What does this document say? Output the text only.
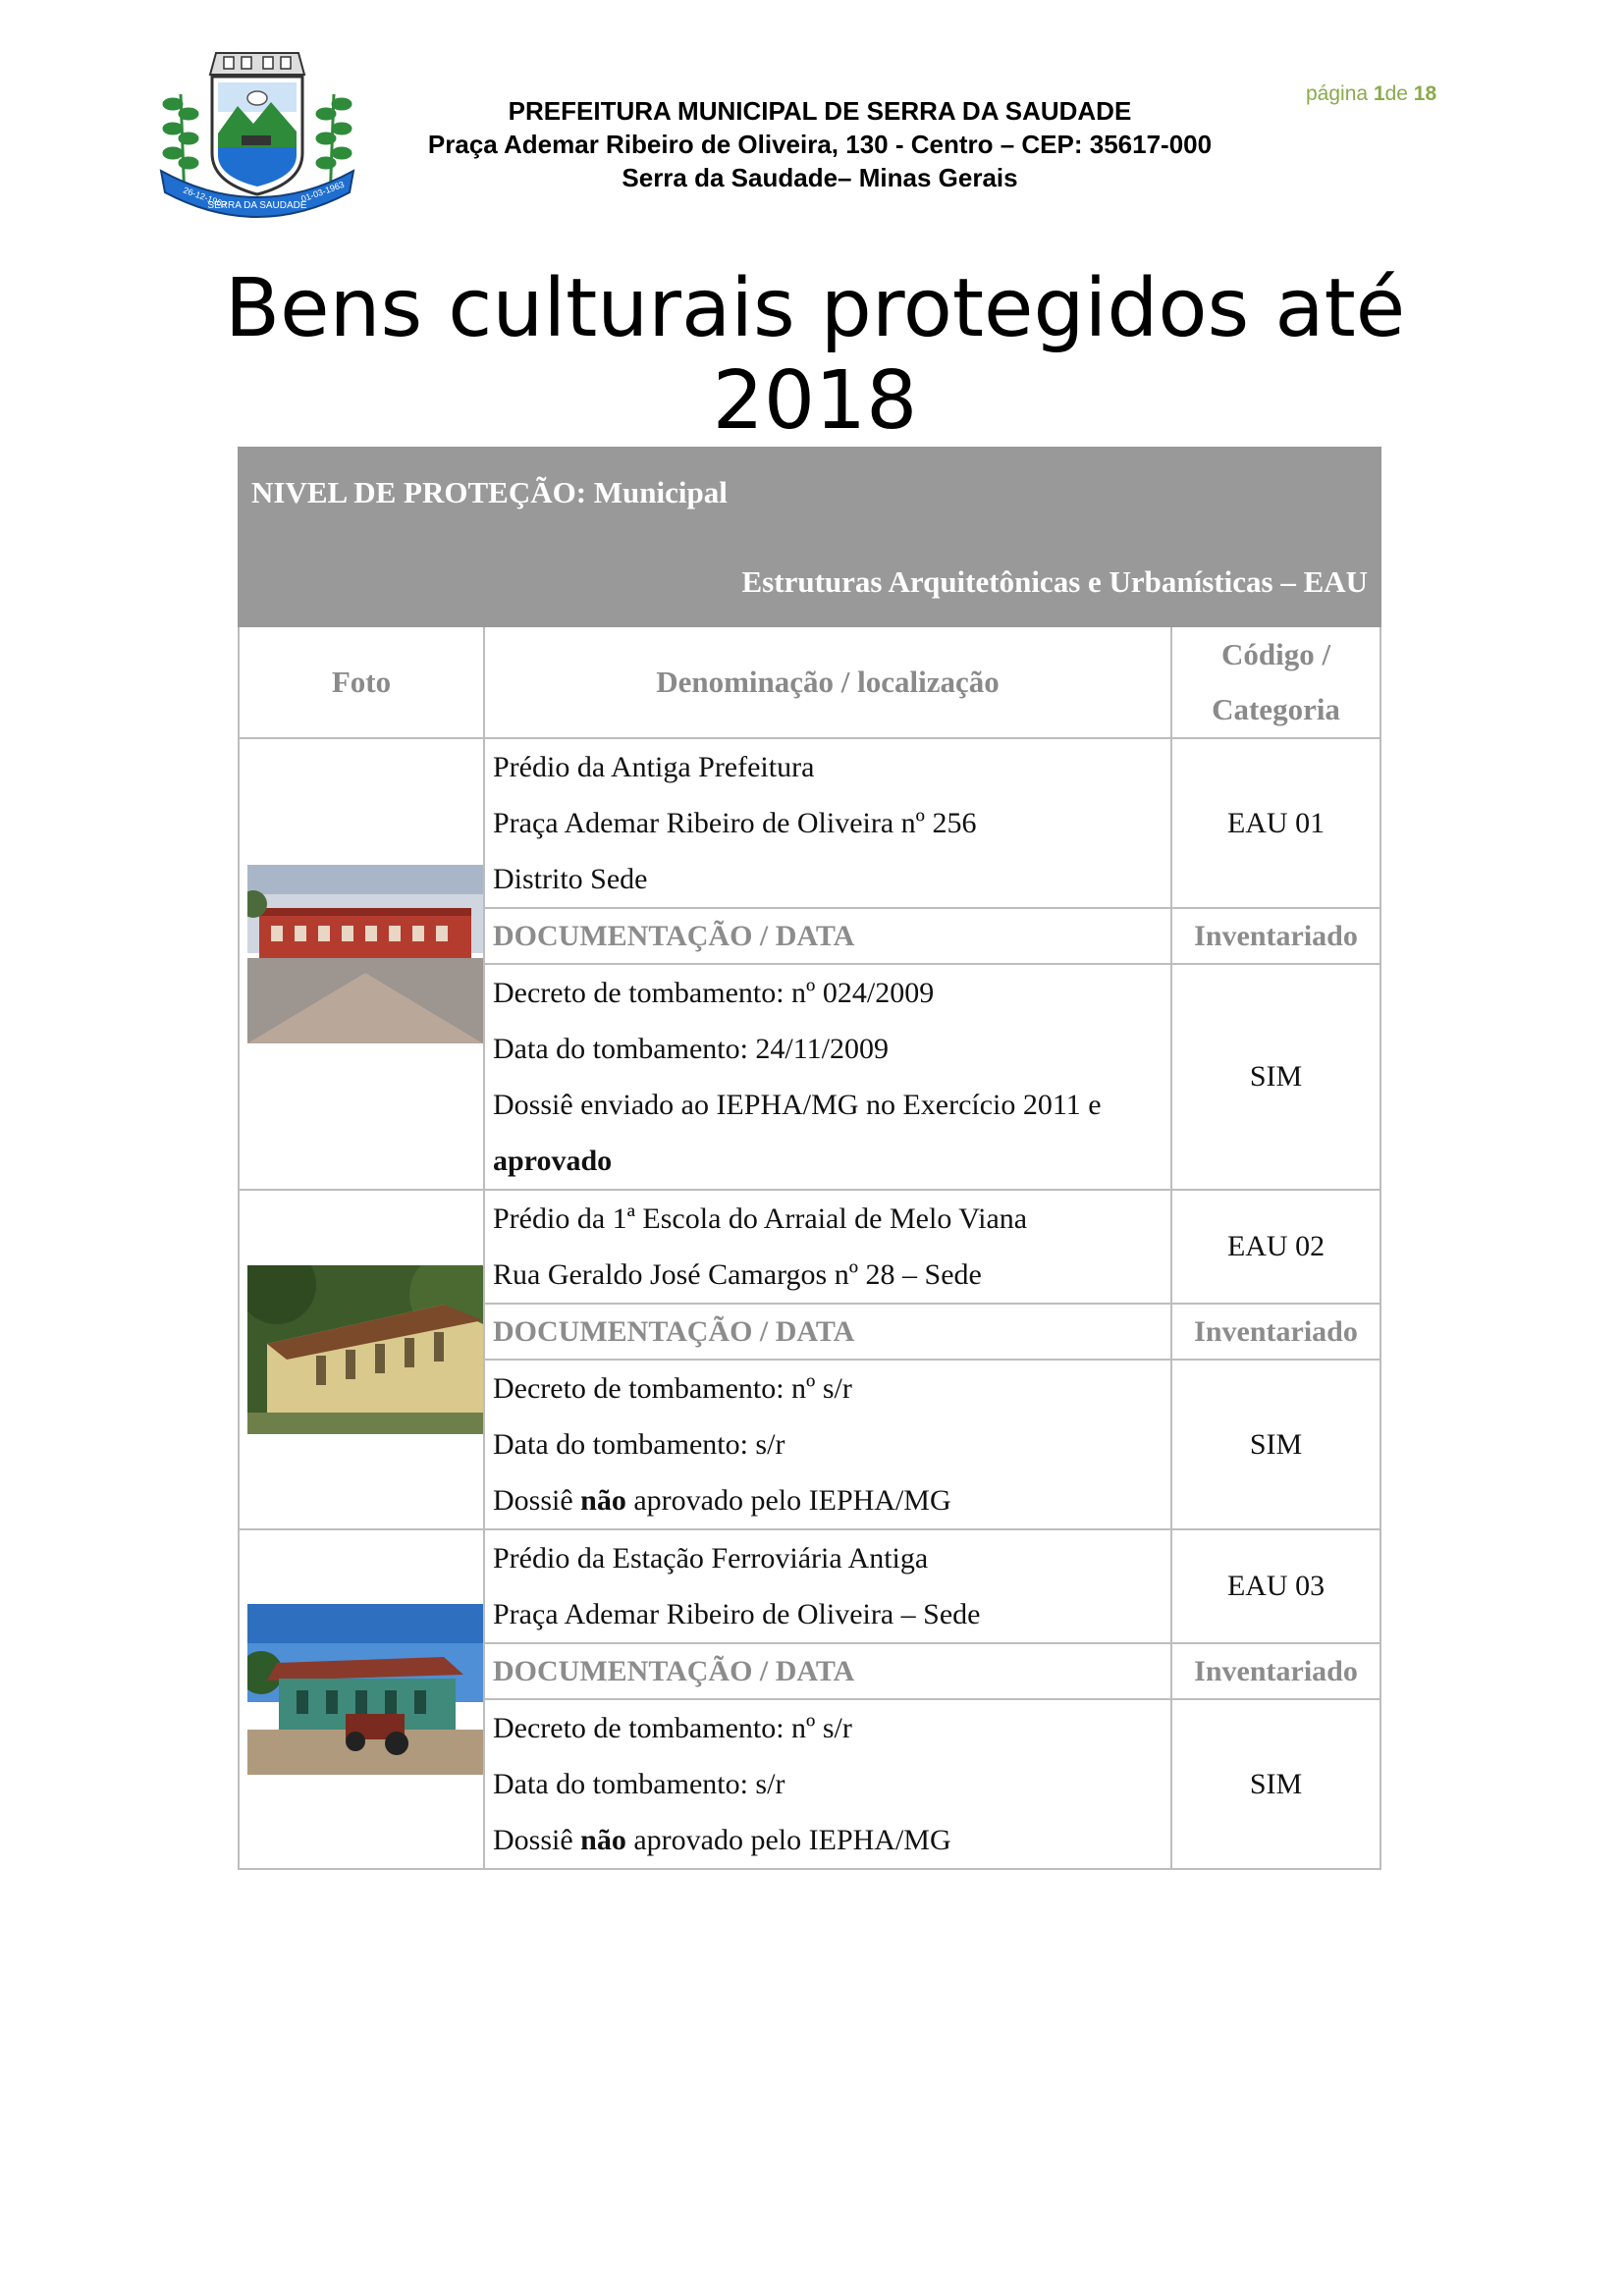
26-12-1962
SERRA DA SAUDADE
01-03-1963
PREFEITURA MUNICIPAL DE SERRA DA SAUDADE
Praça Ademar Ribeiro de Oliveira, 130 - Centro – CEP: 35617-000
Serra da Saudade– Minas Gerais
página 1de 18
Bens culturais protegidos até 2018
NIVEL DE PROTEÇÃO: Municipal		
Estruturas Arquitetônicas e Urbanísticas – EAU		
Foto	Denominação / localização	Código /
Categoria

Prédio da Antiga Prefeitura
Praça Ademar Ribeiro de Oliveira nº 256
Distrito Sede	EAU 01
	DOCUMENTAÇÃO / DATA	Inventariado

	Decreto de tombamento: nº 024/2009
Data do tombamento: 24/11/2009
Dossiê enviado ao IEPHA/MG no Exercício 2011 e
aprovado	SIM

Prédio da 1ª Escola do Arraial de Melo Viana
Rua Geraldo José Camargos nº 28 – Sede	EAU 02
	DOCUMENTAÇÃO / DATA	Inventariado

	Decreto de tombamento: nº s/r
Data do tombamento: s/r
Dossiê não aprovado pelo IEPHA/MG	SIM

Prédio da Estação Ferroviária Antiga
Praça Ademar Ribeiro de Oliveira – Sede	EAU 03
	DOCUMENTAÇÃO / DATA	Inventariado

	Decreto de tombamento: nº s/r
Data do tombamento: s/r
Dossiê não aprovado pelo IEPHA/MG	SIM
